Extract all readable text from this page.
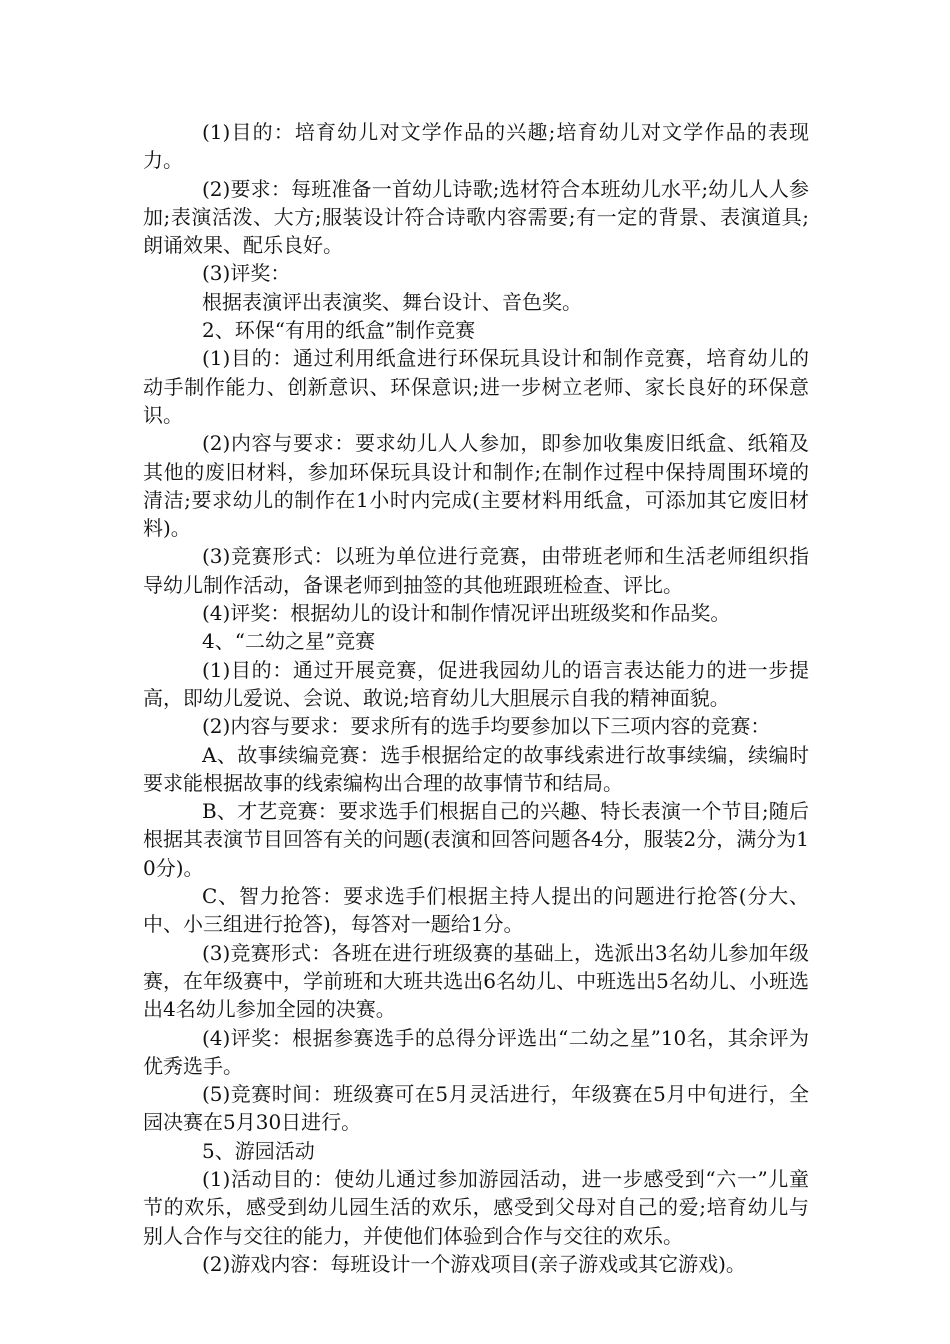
(1)目的：培育幼儿对文学作品的兴趣;培育幼儿对文学作品的表现力。

(2)要求：每班准备一首幼儿诗歌;选材符合本班幼儿水平;幼儿人人参加;表演活泼、大方;服装设计符合诗歌内容需要;有一定的背景、表演道具;朗诵效果、配乐良好。

(3)评奖：

根据表演评出表演奖、舞台设计、音色奖。

2、环保“有用的纸盒”制作竞赛

(1)目的：通过利用纸盒进行环保玩具设计和制作竞赛，培育幼儿的动手制作能力、创新意识、环保意识;进一步树立老师、家长良好的环保意识。

(2)内容与要求：要求幼儿人人参加，即参加收集废旧纸盒、纸箱及其他的废旧材料，参加环保玩具设计和制作;在制作过程中保持周围环境的清洁;要求幼儿的制作在1小时内完成(主要材料用纸盒，可添加其它废旧材料)。

(3)竞赛形式：以班为单位进行竞赛，由带班老师和生活老师组织指导幼儿制作活动，备课老师到抽签的其他班跟班检查、评比。

(4)评奖：根据幼儿的设计和制作情况评出班级奖和作品奖。

4、“二幼之星”竞赛

(1)目的：通过开展竞赛，促进我园幼儿的语言表达能力的进一步提高，即幼儿爱说、会说、敢说;培育幼儿大胆展示自我的精神面貌。

(2)内容与要求：要求所有的选手均要参加以下三项内容的竞赛：

A、故事续编竞赛：选手根据给定的故事线索进行故事续编，续编时要求能根据故事的线索编构出合理的故事情节和结局。

B、才艺竞赛：要求选手们根据自己的兴趣、特长表演一个节目;随后根据其表演节目回答有关的问题(表演和回答问题各4分，服装2分，满分为10分)。

C、智力抢答：要求选手们根据主持人提出的问题进行抢答(分大、中、小三组进行抢答)，每答对一题给1分。

(3)竞赛形式：各班在进行班级赛的基础上，选派出3名幼儿参加年级赛，在年级赛中，学前班和大班共选出6名幼儿、中班选出5名幼儿、小班选出4名幼儿参加全园的决赛。

(4)评奖：根据参赛选手的总得分评选出“二幼之星”10名，其余评为优秀选手。

(5)竞赛时间：班级赛可在5月灵活进行，年级赛在5月中旬进行，全园决赛在5月30日进行。

5、游园活动

(1)活动目的：使幼儿通过参加游园活动，进一步感受到“六一”儿童节的欢乐，感受到幼儿园生活的欢乐，感受到父母对自己的爱;培育幼儿与别人合作与交往的能力，并使他们体验到合作与交往的欢乐。

(2)游戏内容：每班设计一个游戏项目(亲子游戏或其它游戏)。
